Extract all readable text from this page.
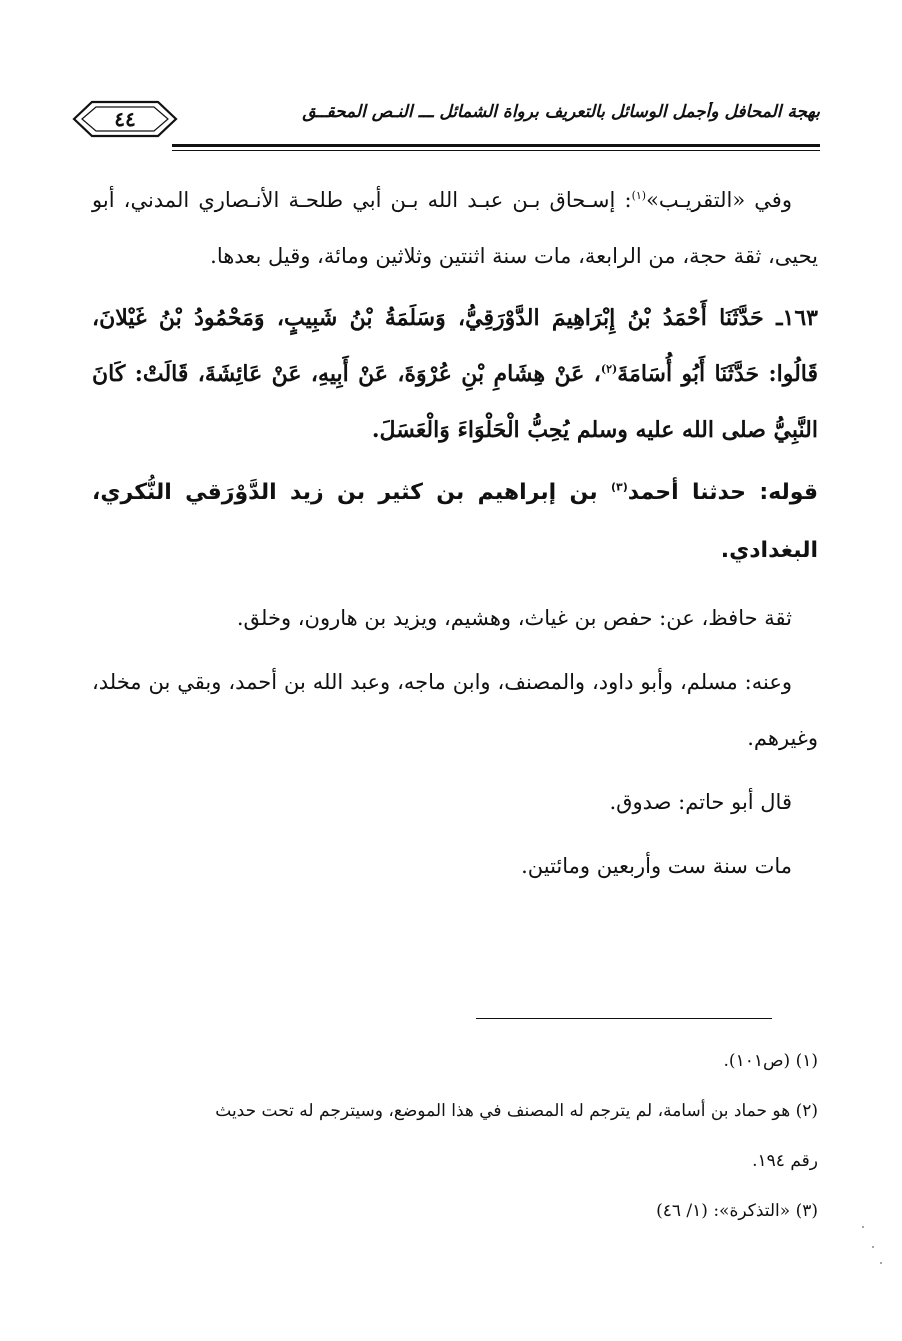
بهجة المحافل وأجمل الوسائل بالتعريف برواة الشمائل ـــ النـص المحقــق
٤٤

وفي «التقريـب»$^{(١)}$: إسـحاق بـن عبـد الله بـن أبي طلحـة الأنـصاري المدني، أبو يحيى، ثقة حجة، من الرابعة، مات سنة اثنتين وثلاثين ومائة، وقيل بعدها.

١٦٣ـ حَدَّثَنَا أَحْمَدُ بْنُ إِبْرَاهِيمَ الدَّوْرَقِيُّ، وَسَلَمَةُ بْنُ شَبِيبٍ، وَمَحْمُودُ بْنُ غَيْلانَ، قَالُوا: حَدَّثَنَا أَبُو أُسَامَةَ$^{(٢)}$، عَنْ هِشَامِ بْنِ عُرْوَةَ، عَنْ أَبِيهِ، عَنْ عَائِشَةَ، قَالَتْ: كَانَ النَّبِيُّ صلى الله عليه وسلم يُحِبُّ الْحَلْوَاءَ وَالْعَسَلَ.

قوله: حدثنا أحمد$^{(٣)}$ بن إبراهيم بن كثير بن زيد الدَّوْرَقي النُّكري، البغدادي.

ثقة حافظ، عن: حفص بن غياث، وهشيم، ويزيد بن هارون، وخلق.

وعنه: مسلم، وأبو داود، والمصنف، وابن ماجه، وعبد الله بن أحمد، وبقي بن مخلد، وغيرهم.

قال أبو حاتم: صدوق.

مات سنة ست وأربعين ومائتين.

(١) (ص١٠١).

(٢) هو حماد بن أسامة، لم يترجم له المصنف في هذا الموضع، وسيترجم له تحت حديث

رقم ١٩٤.

(٣) «التذكرة»: (١/ ٤٦)
